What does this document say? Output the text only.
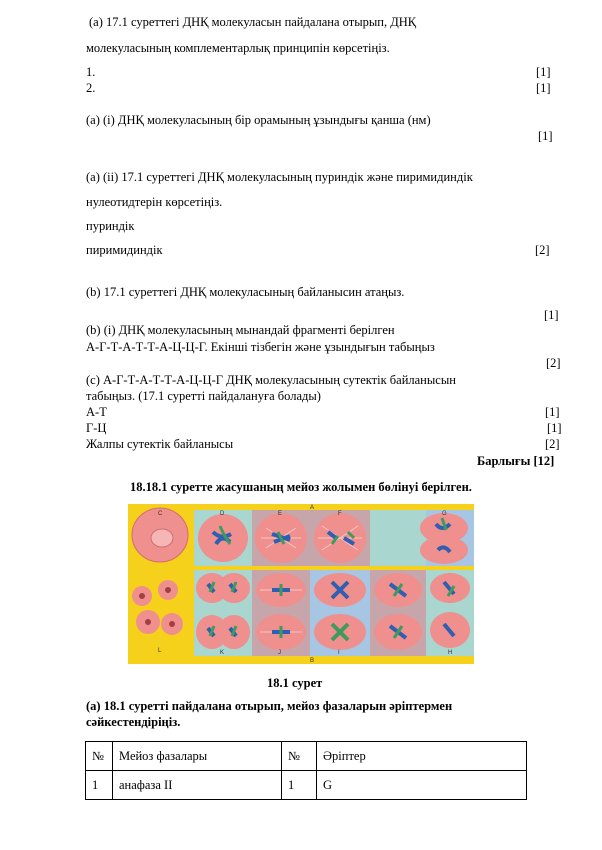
(а) 17.1 суреттегі ДНҚ молекуласын пайдалана отырып, ДНҚ
молекуласының комплементарлық принципін көрсетіңіз.
1.	[1]
2.	[1]
(а) (і) ДНҚ молекуласының бір орамының ұзындығы қанша (нм)
[1]
(а) (іі) 17.1 суреттегі ДНҚ молекуласының пуриндік және пиримидиндік
нулеотидтерін көрсетіңіз.
пуриндік
пиримидиндік	[2]
(b) 17.1 суреттегі ДНҚ молекуласының байланысин атаңыз.
[1]
(b) (і) ДНҚ молекуласының мынандай фрагменті берілген
А-Г-Т-А-Т-Т-А-Ц-Ц-Г. Екінші тізбегін және ұзындығын табыңыз
[2]
(с) А-Г-Т-А-Т-Т-А-Ц-Ц-Г ДНҚ молекуласының сутектік байланысын
табыңыз. (17.1 суретті пайдалануға болады)
А-Т	[1]
Г-Ц	[1]
Жалпы сутектік байланысы	[2]
Барлығы [12]
18.18.1 суретте жасушаның мейоз жолымен бөлінуі берілген.
C	D	E
A
F	G
L	K	J	I	H
B
18.1 сурет
(а) 18.1 суретті пайдалана отырып, мейоз фазаларын әріптермен
сәйкестендіріңіз.
№	Мейоз фазалары	№	Әріптер
1	анафаза ІІ	1	G
